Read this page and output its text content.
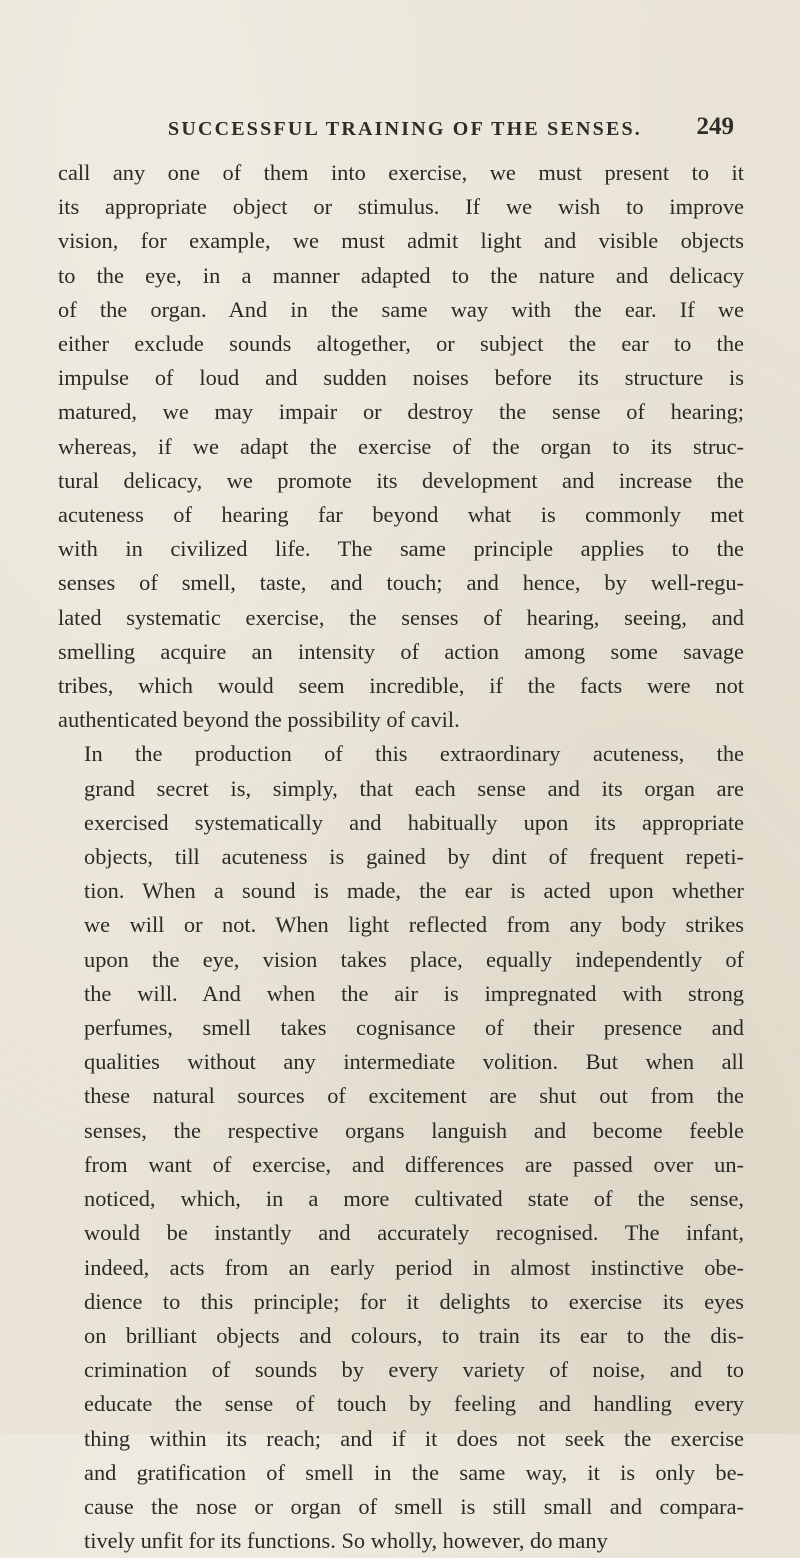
SUCCESSFUL TRAINING OF THE SENSES. 249
call any one of them into exercise, we must present to it
its appropriate object or stimulus. If we wish to improve
vision, for example, we must admit light and visible objects
to the eye, in a manner adapted to the nature and delicacy
of the organ. And in the same way with the ear. If we
either exclude sounds altogether, or subject the ear to the
impulse of loud and sudden noises before its structure is
matured, we may impair or destroy the sense of hearing;
whereas, if we adapt the exercise of the organ to its struc-
tural delicacy, we promote its development and increase the
acuteness of hearing far beyond what is commonly met
with in civilized life. The same principle applies to the
senses of smell, taste, and touch; and hence, by well-regu-
lated systematic exercise, the senses of hearing, seeing, and
smelling acquire an intensity of action among some savage
tribes, which would seem incredible, if the facts were not
authenticated beyond the possibility of cavil.
In the production of this extraordinary acuteness, the
grand secret is, simply, that each sense and its organ are
exercised systematically and habitually upon its appropriate
objects, till acuteness is gained by dint of frequent repeti-
tion. When a sound is made, the ear is acted upon whether
we will or not. When light reflected from any body strikes
upon the eye, vision takes place, equally independently of
the will. And when the air is impregnated with strong
perfumes, smell takes cognisance of their presence and
qualities without any intermediate volition. But when all
these natural sources of excitement are shut out from the
senses, the respective organs languish and become feeble
from want of exercise, and differences are passed over un-
noticed, which, in a more cultivated state of the sense,
would be instantly and accurately recognised. The infant,
indeed, acts from an early period in almost instinctive obe-
dience to this principle; for it delights to exercise its eyes
on brilliant objects and colours, to train its ear to the dis-
crimination of sounds by every variety of noise, and to
educate the sense of touch by feeling and handling every
thing within its reach; and if it does not seek the exercise
and gratification of smell in the same way, it is only be-
cause the nose or organ of smell is still small and compara-
tively unfit for its functions. So wholly, however, do many
